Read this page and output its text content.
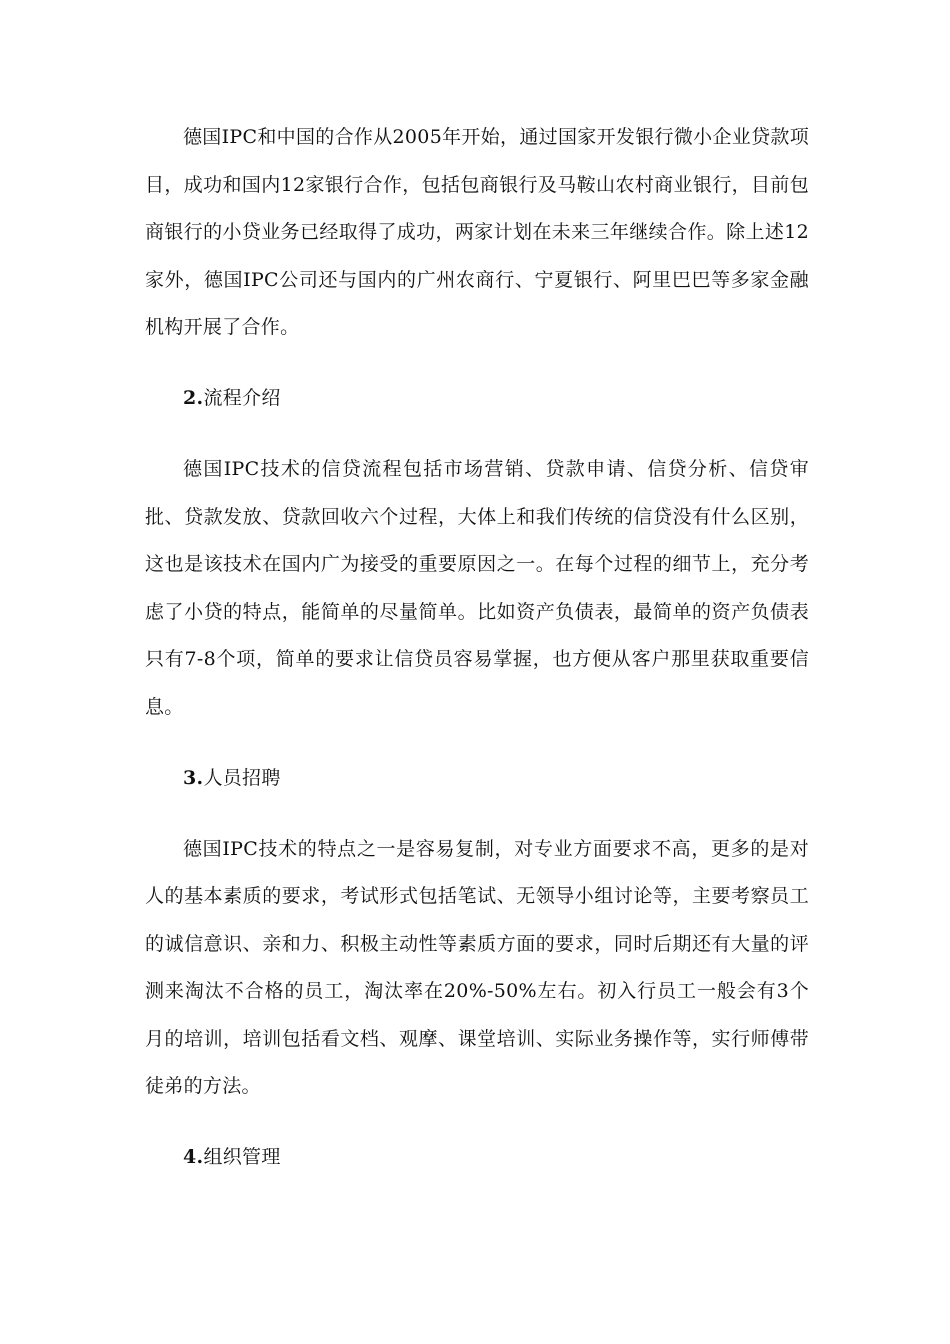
德国IPC和中国的合作从2005年开始，通过国家开发银行微小企业贷款项目，成功和国内12家银行合作，包括包商银行及马鞍山农村商业银行，目前包商银行的小贷业务已经取得了成功，两家计划在未来三年继续合作。除上述12家外，德国IPC公司还与国内的广州农商行、宁夏银行、阿里巴巴等多家金融机构开展了合作。

2.流程介绍

德国IPC技术的信贷流程包括市场营销、贷款申请、信贷分析、信贷审批、贷款发放、贷款回收六个过程，大体上和我们传统的信贷没有什么区别，这也是该技术在国内广为接受的重要原因之一。在每个过程的细节上，充分考虑了小贷的特点，能简单的尽量简单。比如资产负债表，最简单的资产负债表只有7-8个项，简单的要求让信贷员容易掌握，也方便从客户那里获取重要信息。

3.人员招聘

德国IPC技术的特点之一是容易复制，对专业方面要求不高，更多的是对人的基本素质的要求，考试形式包括笔试、无领导小组讨论等，主要考察员工的诚信意识、亲和力、积极主动性等素质方面的要求，同时后期还有大量的评测来淘汰不合格的员工，淘汰率在20%-50%左右。初入行员工一般会有3个月的培训，培训包括看文档、观摩、课堂培训、实际业务操作等，实行师傅带徒弟的方法。

4.组织管理
